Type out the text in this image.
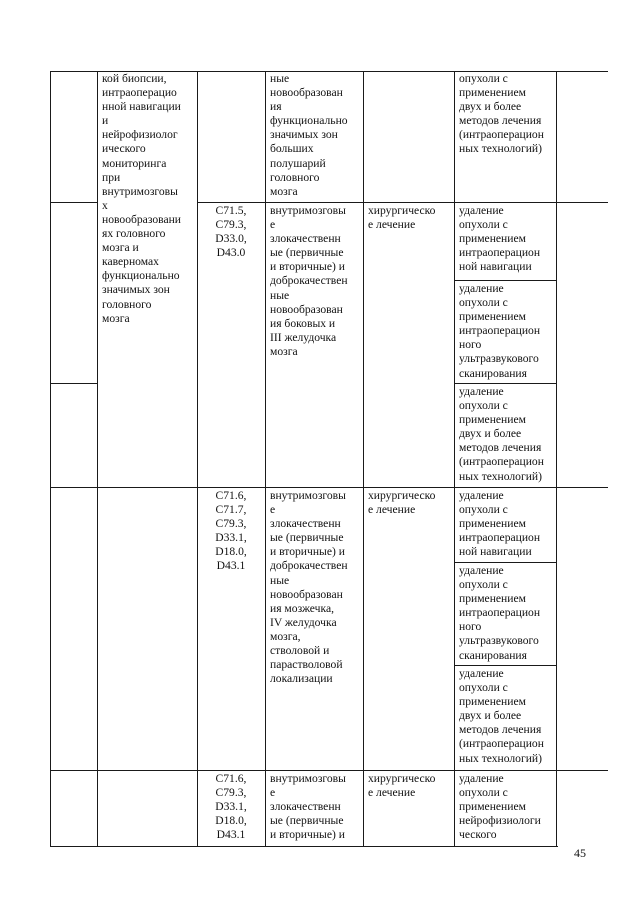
кой биопсии,
интраоперацио
нной навигации
и
нейрофизиолог
ического
мониторинга
при
внутримозговы
х
новообразовани
ях головного
мозга и
каверномах
функционально
значимых зон
головного
мозга
ные
новообразован
ия
функционально
значимых зон
больших
полушарий
головного
мозга
опухоли с
применением
двух и более
методов лечения
(интраоперацион
ных технологий)
C71.5,
C79.3,
D33.0,
D43.0
внутримозговы
е
злокачественн
ые (первичные
и вторичные) и
доброкачествен
ные
новообразован
ия боковых и
III желудочка
мозга
хирургическо
е лечение
удаление
опухоли с
применением
интраоперацион
ной навигации
удаление
опухоли с
применением
интраоперацион
ного
ультразвукового
сканирования
удаление
опухоли с
применением
двух и более
методов лечения
(интраоперацион
ных технологий)
C71.6,
C71.7,
C79.3,
D33.1,
D18.0,
D43.1
внутримозговы
е
злокачественн
ые (первичные
и вторичные) и
доброкачествен
ные
новообразован
ия мозжечка,
IV желудочка
мозга,
стволовой и
парастволовой
локализации
хирургическо
е лечение
удаление
опухоли с
применением
интраоперацион
ной навигации
удаление
опухоли с
применением
интраоперацион
ного
ультразвукового
сканирования
удаление
опухоли с
применением
двух и более
методов лечения
(интраоперацион
ных технологий)
C71.6,
C79.3,
D33.1,
D18.0,
D43.1
внутримозговы
е
злокачественн
ые (первичные
и вторичные) и
хирургическо
е лечение
удаление
опухоли с
применением
нейрофизиологи
ческого
45
